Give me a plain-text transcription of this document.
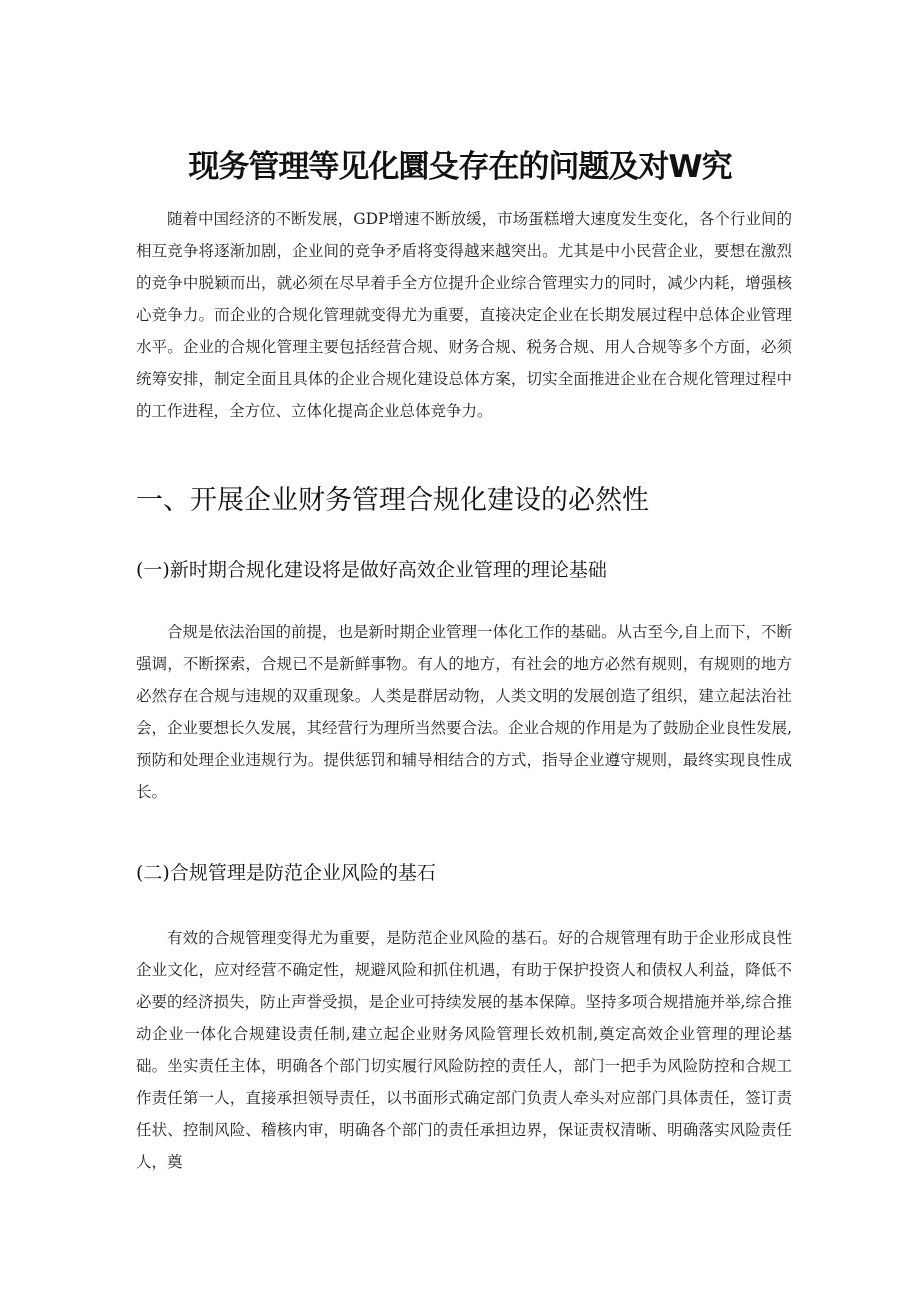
现务管理等见化圜殳存在的问题及对W究

随着中国经济的不断发展，GDP增速不断放缓，市场蛋糕增大速度发生变化，各个行业间的相互竞争将逐渐加剧，企业间的竞争矛盾将变得越来越突出。尤其是中小民营企业，要想在激烈的竞争中脱颖而出，就必须在尽早着手全方位提升企业综合管理实力的同时，减少内耗，增强核心竞争力。而企业的合规化管理就变得尤为重要，直接决定企业在长期发展过程中总体企业管理水平。企业的合规化管理主要包括经营合规、财务合规、税务合规、用人合规等多个方面，必须统筹安排，制定全面且具体的企业合规化建设总体方案，切实全面推进企业在合规化管理过程中的工作进程，全方位、立体化提高企业总体竞争力。

一、开展企业财务管理合规化建设的必然性
(一)新时期合规化建设将是做好高效企业管理的理论基础

合规是依法治国的前提，也是新时期企业管理一体化工作的基础。从古至今,自上而下，不断强调，不断探索，合规已不是新鲜事物。有人的地方，有社会的地方必然有规则，有规则的地方必然存在合规与违规的双重现象。人类是群居动物，人类文明的发展创造了组织，建立起法治社会，企业要想长久发展，其经营行为理所当然要合法。企业合规的作用是为了鼓励企业良性发展,预防和处理企业违规行为。提供惩罚和辅导相结合的方式，指导企业遵守规则，最终实现良性成长。

(二)合规管理是防范企业风险的基石

有效的合规管理变得尤为重要，是防范企业风险的基石。好的合规管理有助于企业形成良性企业文化，应对经营不确定性，规避风险和抓住机遇，有助于保护投资人和债权人利益，降低不必要的经济损失，防止声誉受损，是企业可持续发展的基本保障。坚持多项合规措施并举,综合推动企业一体化合规建设责任制,建立起企业财务风险管理长效机制,奠定高效企业管理的理论基础。坐实责任主体，明确各个部门切实履行风险防控的责任人，部门一把手为风险防控和合规工作责任第一人，直接承担领导责任，以书面形式确定部门负责人牵头对应部门具体责任，签订责任状、控制风险、稽核内审，明确各个部门的责任承担边界，保证责权清晰、明确落实风险责任人，奠
